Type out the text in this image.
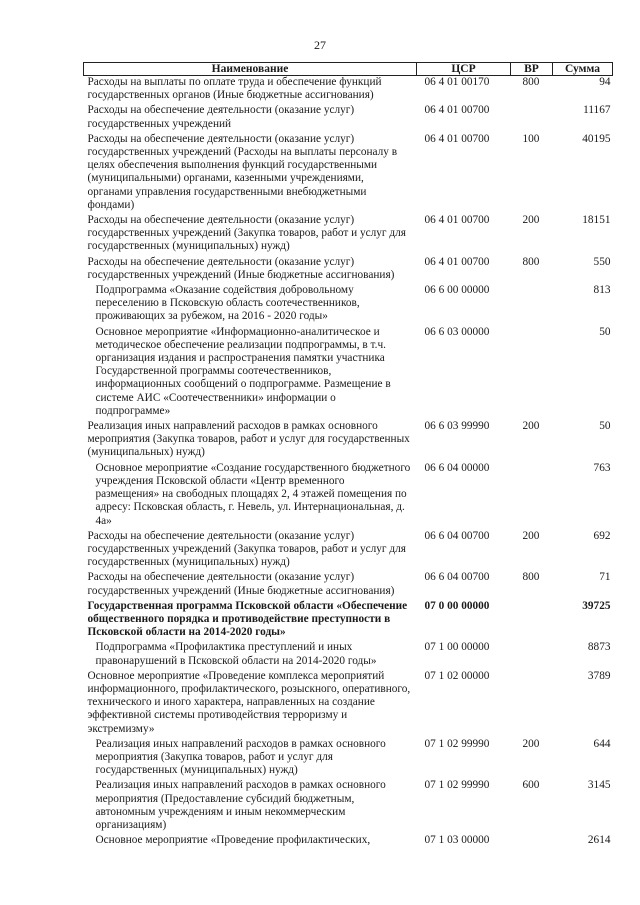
27
Наименование	ЦСР	ВР	Сумма
Расходы на выплаты по оплате труда и обеспечение функций государственных органов (Иные бюджетные ассигнования)	06 4 01 00170	800	94
Расходы на обеспечение деятельности (оказание услуг) государственных учреждений	06 4 01 00700		11167
Расходы на обеспечение деятельности (оказание услуг) государственных учреждений (Расходы на выплаты персоналу в целях обеспечения выполнения функций государственными (муниципальными) органами, казенными учреждениями, органами управления государственными внебюджетными фондами)	06 4 01 00700	100	40195
Расходы на обеспечение деятельности (оказание услуг) государственных учреждений (Закупка товаров, работ и услуг для государственных (муниципальных) нужд)	06 4 01 00700	200	18151
Расходы на обеспечение деятельности (оказание услуг) государственных учреждений (Иные бюджетные ассигнования)	06 4 01 00700	800	550
Подпрограмма «Оказание содействия добровольному переселению в Псковскую область соотечественников, проживающих за рубежом, на 2016 - 2020 годы»	06 6 00 00000		813
Основное мероприятие «Информационно-аналитическое и методическое обеспечение реализации подпрограммы, в т.ч. организация издания и распространения памятки участника Государственной программы соотечественников, информационных сообщений о подпрограмме. Размещение в системе АИС «Соотечественники» информации о подпрограмме»	06 6 03 00000		50
Реализация иных направлений расходов в рамках основного мероприятия (Закупка товаров, работ и услуг для государственных (муниципальных) нужд)	06 6 03 99990	200	50
Основное мероприятие «Создание государственного бюджетного учреждения Псковской области «Центр временного размещения» на свободных площадях 2, 4 этажей помещения по адресу: Псковская область, г. Невель, ул. Интернациональная, д. 4а»	06 6 04 00000		763
Расходы на обеспечение деятельности (оказание услуг) государственных учреждений (Закупка товаров, работ и услуг для государственных (муниципальных) нужд)	06 6 04 00700	200	692
Расходы на обеспечение деятельности (оказание услуг) государственных учреждений (Иные бюджетные ассигнования)	06 6 04 00700	800	71
Государственная программа Псковской области «Обеспечение общественного порядка и противодействие преступности в Псковской области на 2014-2020 годы»	07 0 00 00000		39725
Подпрограмма «Профилактика преступлений и иных правонарушений в Псковской области на 2014-2020 годы»	07 1 00 00000		8873
Основное мероприятие «Проведение комплекса мероприятий информационного, профилактического, розыскного, оперативного, технического и иного характера, направленных на создание эффективной системы противодействия терроризму и экстремизму»	07 1 02 00000		3789
Реализация иных направлений расходов в рамках основного мероприятия (Закупка товаров, работ и услуг для государственных (муниципальных) нужд)	07 1 02 99990	200	644
Реализация иных направлений расходов в рамках основного мероприятия (Предоставление субсидий бюджетным, автономным учреждениям и иным некоммерческим организациям)	07 1 02 99990	600	3145
Основное мероприятие «Проведение профилактических,	07 1 03 00000		2614
